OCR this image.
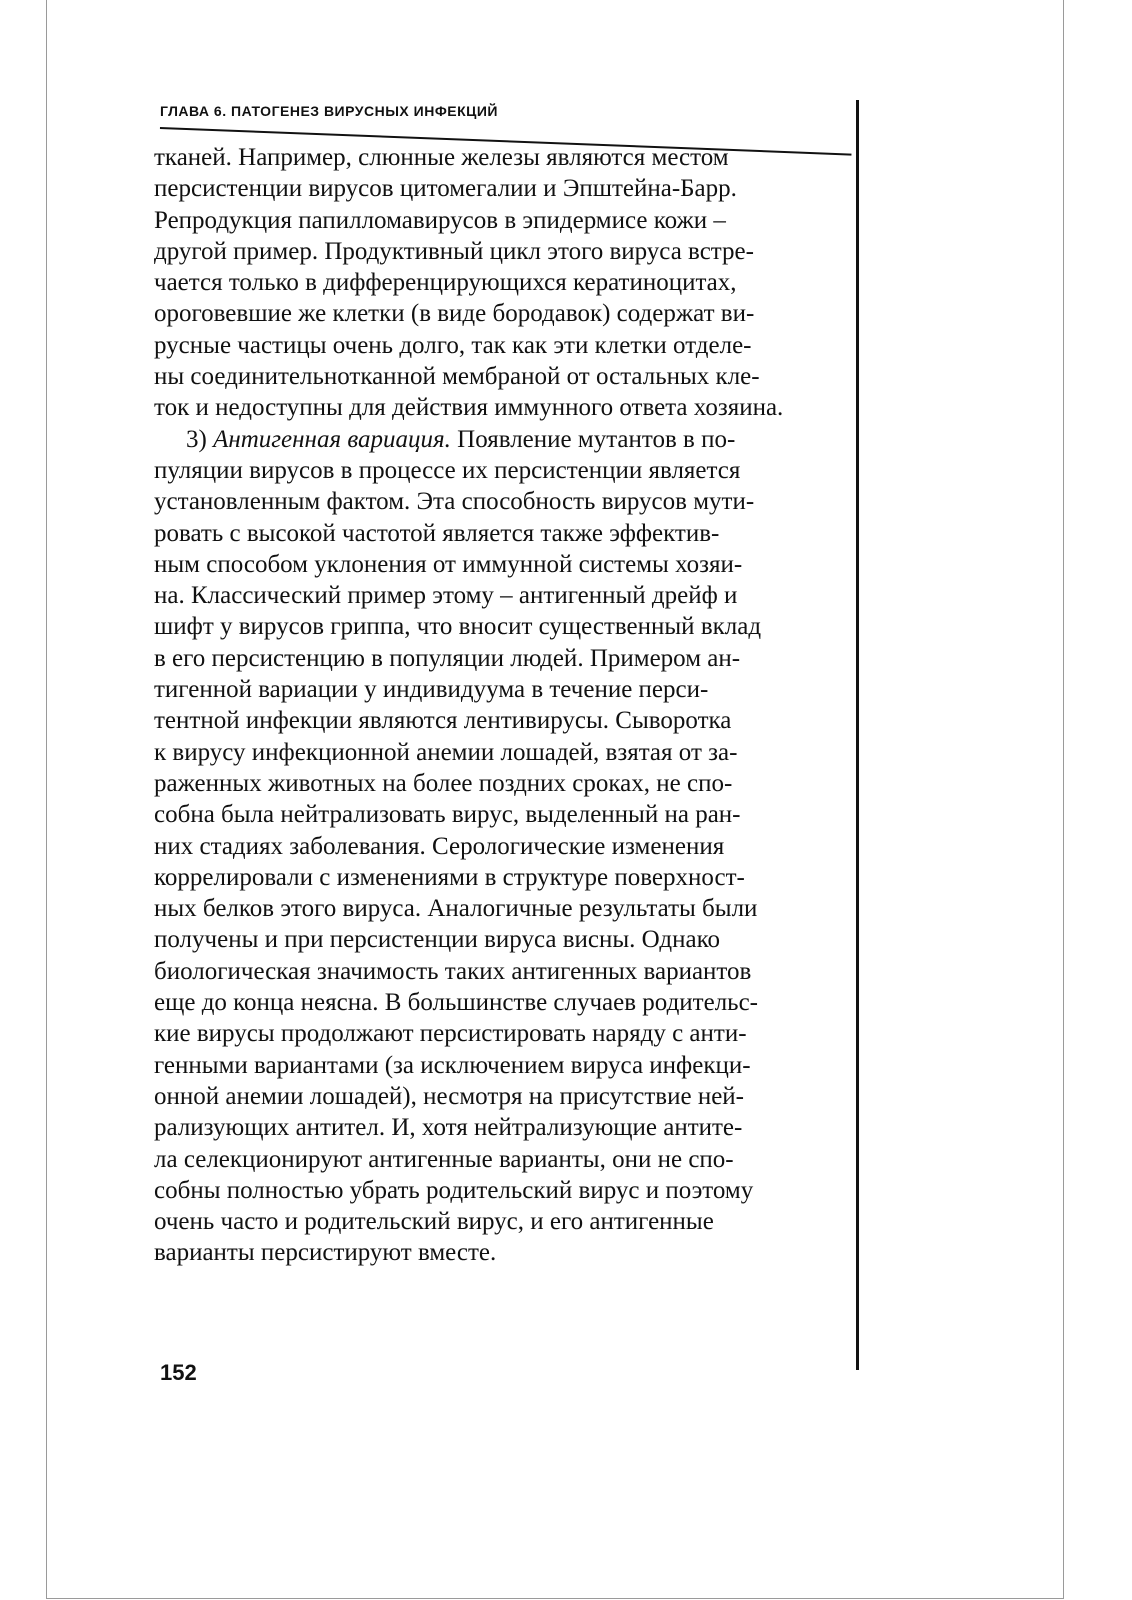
ГЛАВА 6. ПАТОГЕНЕЗ ВИРУСНЫХ ИНФЕКЦИЙ
тканей. Например, слюнные железы являются местом
персистенции вирусов цитомегалии и Эпштейна-Барр.
Репродукция папилломавирусов в эпидермисе кожи –
другой пример. Продуктивный цикл этого вируса встре-
чается только в дифференцирующихся кератиноцитах,
ороговевшие же клетки (в виде бородавок) содержат ви-
русные частицы очень долго, так как эти клетки отделе-
ны соединительнотканной мембраной от остальных кле-
ток и недоступны для действия иммунного ответа хозяина.
3) Антигенная вариация. Появление мутантов в по-
пуляции вирусов в процессе их персистенции является
установленным фактом. Эта способность вирусов мути-
ровать с высокой частотой является также эффектив-
ным способом уклонения от иммунной системы хозяи-
на. Классический пример этому – антигенный дрейф и
шифт у вирусов гриппа, что вносит существенный вклад
в его персистенцию в популяции людей. Примером ан-
тигенной вариации у индивидуума в течение перси-
тентной инфекции являются лентивирусы. Сыворотка
к вирусу инфекционной анемии лошадей, взятая от за-
раженных животных на более поздних сроках, не спо-
собна была нейтрализовать вирус, выделенный на ран-
них стадиях заболевания. Серологические изменения
коррелировали с изменениями в структуре поверхност-
ных белков этого вируса. Аналогичные результаты были
получены и при персистенции вируса висны. Однако
биологическая значимость таких антигенных вариантов
еще до конца неясна. В большинстве случаев родительс-
кие вирусы продолжают персистировать наряду с анти-
генными вариантами (за исключением вируса инфекци-
онной анемии лошадей), несмотря на присутствие ней-
рализующих антител. И, хотя нейтрализующие антите-
ла селекционируют антигенные варианты, они не спо-
собны полностью убрать родительский вирус и поэтому
очень часто и родительский вирус, и его антигенные
варианты персистируют вместе.
152
